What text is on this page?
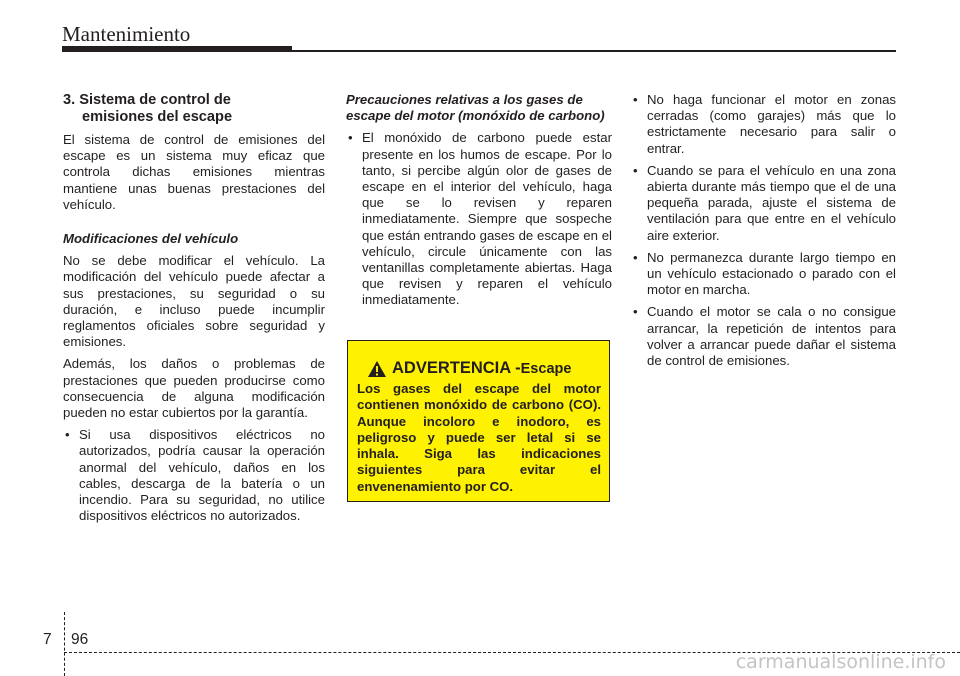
Mantenimiento
3. Sistema de control de
emisiones del escape

El sistema de control de emisiones del escape es un sistema muy eficaz que controla dichas emisiones mientras mantiene unas buenas prestaciones del vehículo.

Modificaciones del vehículo

No se debe modificar el vehículo. La modificación del vehículo puede afectar a sus prestaciones, su seguridad o su duración, e incluso puede incumplir reglamentos oficiales sobre seguridad y emisiones.

Además, los daños o problemas de prestaciones que pueden producirse como consecuencia de alguna modificación pueden no estar cubiertos por la garantía.

• Si usa dispositivos eléctricos no autorizados, podría causar la operación anormal del vehículo, daños en los cables, descarga de la batería o un incendio. Para su seguridad, no utilice dispositivos eléctricos no autorizados.
Precauciones relativas a los gases de escape del motor (monóxido de carbono)
• El monóxido de carbono puede estar presente en los humos de escape. Por lo tanto, si percibe algún olor de gases de escape en el interior del vehículo, haga que se lo revisen y reparen inmediatamente. Siempre que sospeche que están entrando gases de escape en el vehículo, circule únicamente con las ventanillas completamente abiertas. Haga que revisen y reparen el vehículo inmediatamente.
ADVERTENCIA - Escape
Los gases del escape del motor contienen monóxido de carbono (CO). Aunque incoloro e inodoro, es peligroso y puede ser letal si se inhala. Siga las indicaciones siguientes para evitar el envenenamiento por CO.
• No haga funcionar el motor en zonas cerradas (como garajes) más que lo estrictamente necesario para salir o entrar.
• Cuando se para el vehículo en una zona abierta durante más tiempo que el de una pequeña parada, ajuste el sistema de ventilación para que entre en el vehículo aire exterior.
• No permanezca durante largo tiempo en un vehículo estacionado o parado con el motor en marcha.
• Cuando el motor se cala o no consigue arrancar, la repetición de intentos para volver a arrancar puede dañar el sistema de control de emisiones.
7 96
carmanualsonline.info
